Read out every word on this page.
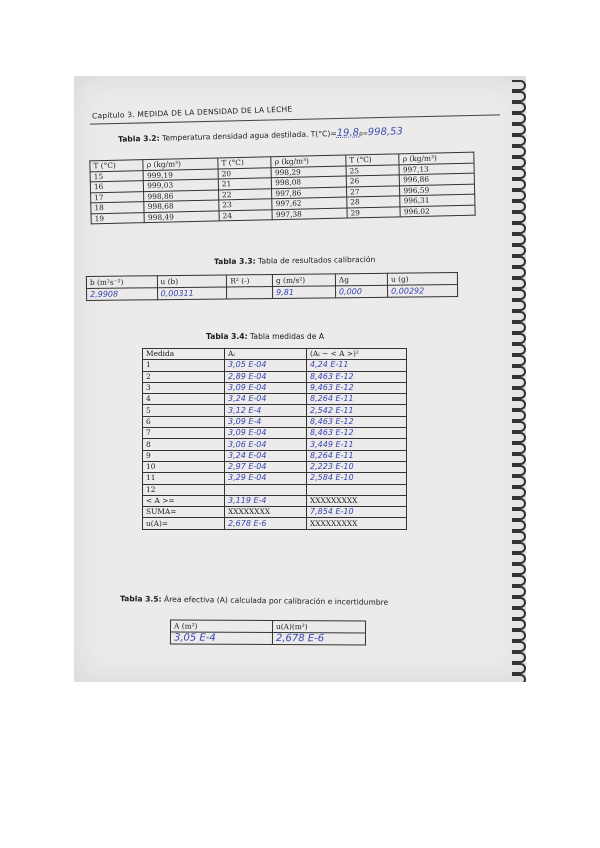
Capítulo 3. MEDIDA DE LA DENSIDAD DE LA LECHE
Tabla 3.2: Temperatura densidad agua destilada. T(°C)=19,8ρ=998,53
T (°C)	ρ (kg/m³)	T (°C)	ρ (kg/m³)	T (°C)	ρ (kg/m³)
15	999,19	20	998,29	25	997,13
16	999,03	21	998,08	26	996,86
17	998,86	22	997,86	27	996,59
18	998,68	23	997,62	28	996,31
19	998,49	24	997,38	29	996,02
Tabla 3.3: Tabla de resultados calibración
b (m²s⁻²)	u (b)	R² (-)	g (m/s²)	Δg	u (g)
2,9908	0,00311		9,81	0,000	0,00292
Tabla 3.4: Tabla medidas de A
Medida	Aᵢ	(Aᵢ − < A >)²
1	3,05 E-04	4,24 E-11
2	2,89 E-04	8,463 E-12
3	3,09 E-04	9,463 E-12
4	3,24 E-04	8,264 E-11
5	3,12 E-4	2,542 E-11
6	3,09 E-4	8,463 E-12
7	3,09 E-04	8,463 E-12
8	3,06 E-04	3,449 E-11
9	3,24 E-04	8,264 E-11
10	2,97 E-04	2,223 E-10
11	3,29 E-04	2,584 E-10
12		
< A >=	3,119 E-4	XXXXXXXXX
SUMA=	XXXXXXXX	7,854 E-10
u(A)=	2,678 E-6	XXXXXXXXX
Tabla 3.5: Área efectiva (A) calculada por calibración e incertidumbre
A (m²)	u(A)(m²)
3,05 E-4	2,678 E-6
